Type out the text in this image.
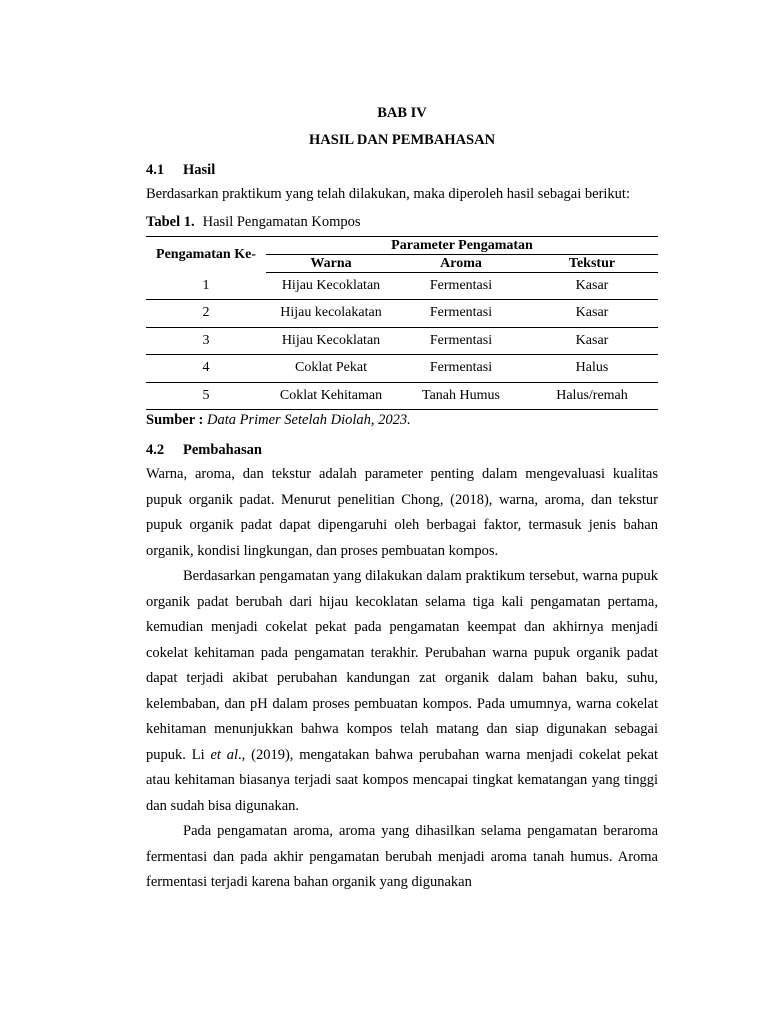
BAB IV
HASIL DAN PEMBAHASAN
4.1 Hasil

Berdasarkan praktikum yang telah dilakukan, maka diperoleh hasil sebagai berikut:

Tabel 1. Hasil Pengamatan Kompos
Pengamatan Ke-	Parameter Pengamatan		
	Warna	Aroma	Tekstur
1	Hijau Kecoklatan	Fermentasi	Kasar
2	Hijau kecolakatan	Fermentasi	Kasar
3	Hijau Kecoklatan	Fermentasi	Kasar
4	Coklat Pekat	Fermentasi	Halus
5	Coklat Kehitaman	Tanah Humus	Halus/remah
Sumber : Data Primer Setelah Diolah, 2023.
4.2 Pembahasan

Warna, aroma, dan tekstur adalah parameter penting dalam mengevaluasi kualitas pupuk organik padat. Menurut penelitian Chong, (2018), warna, aroma, dan tekstur pupuk organik padat dapat dipengaruhi oleh berbagai faktor, termasuk jenis bahan organik, kondisi lingkungan, dan proses pembuatan kompos.

Berdasarkan pengamatan yang dilakukan dalam praktikum tersebut, warna pupuk organik padat berubah dari hijau kecoklatan selama tiga kali pengamatan pertama, kemudian menjadi cokelat pekat pada pengamatan keempat dan akhirnya menjadi cokelat kehitaman pada pengamatan terakhir. Perubahan warna pupuk organik padat dapat terjadi akibat perubahan kandungan zat organik dalam bahan baku, suhu, kelembaban, dan pH dalam proses pembuatan kompos. Pada umumnya, warna cokelat kehitaman menunjukkan bahwa kompos telah matang dan siap digunakan sebagai pupuk. Li et al., (2019), mengatakan bahwa perubahan warna menjadi cokelat pekat atau kehitaman biasanya terjadi saat kompos mencapai tingkat kematangan yang tinggi dan sudah bisa digunakan.

Pada pengamatan aroma, aroma yang dihasilkan selama pengamatan beraroma fermentasi dan pada akhir pengamatan berubah menjadi aroma tanah humus. Aroma fermentasi terjadi karena bahan organik yang digunakan
